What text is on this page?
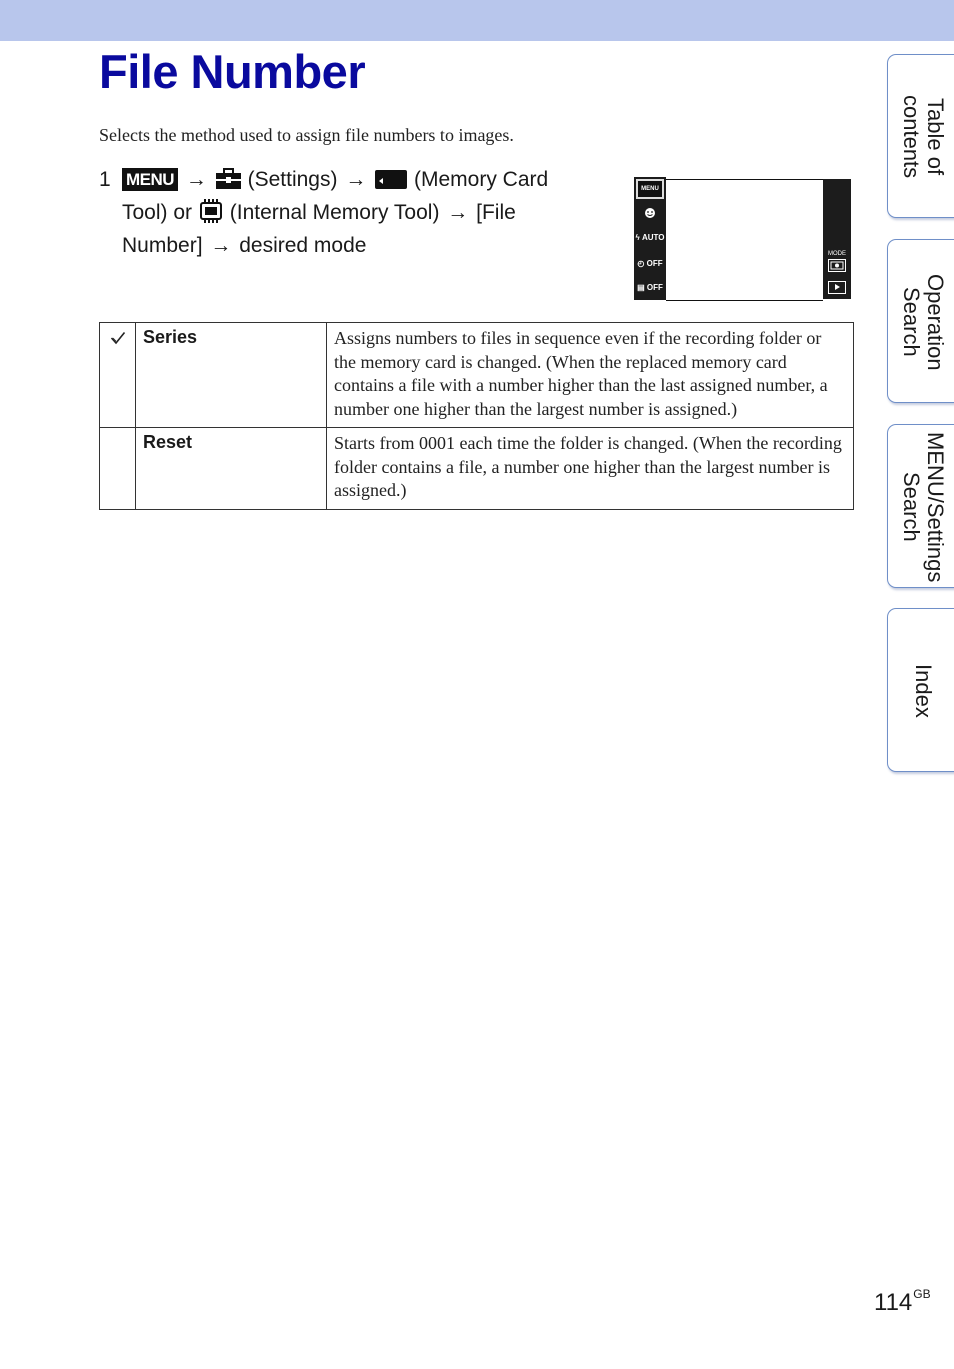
File Number
Selects the method used to assign file numbers to images.
1 MENU → (Settings) → (Memory Card Tool) or (Internal Memory Tool) → [File Number] → desired mode
MENU
ϟ AUTO
◴ OFF
▤ OFF
MODE
	Series	Assigns numbers to files in sequence even if the recording folder or the memory card is changed. (When the replaced memory card contains a file with a number higher than the last assigned number, a number one higher than the largest number is assigned.)
	Reset	Starts from 0001 each time the folder is changed. (When the recording folder contains a file, a number one higher than the largest number is assigned.)
Table of
contents
Operation
Search
MENU/Settings
Search
Index
$114^{GB}$
